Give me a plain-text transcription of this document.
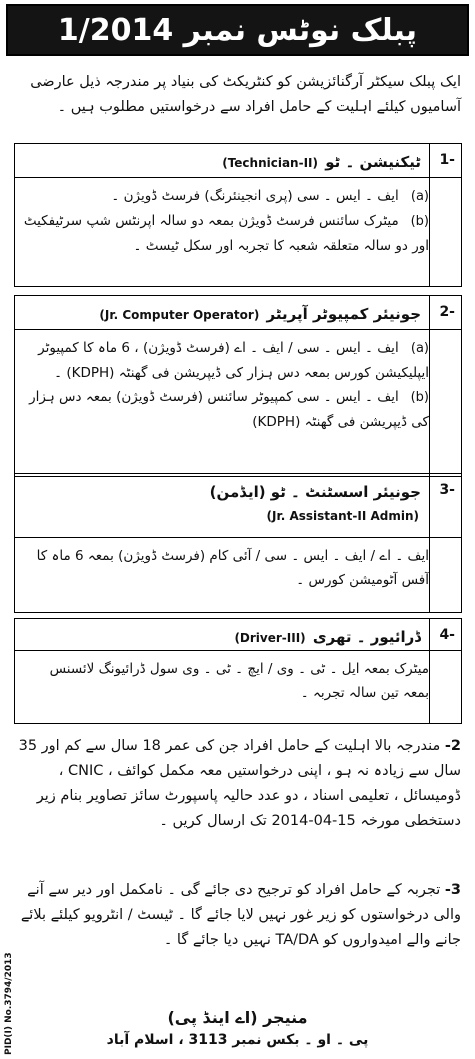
پبلک نوٹس نمبر 1/2014
ایک پبلک سیکٹر آرگنائزیشن کو کنٹریکٹ کی بنیاد پر مندرجہ ذیل عارضی آسامیوں کیلئے اہلیت کے حامل افراد سے درخواستیں مطلوب ہیں ۔
1-
ٹیکنیشن ۔ ٹو (Technician-II)
(a) ایف ۔ ایس ۔ سی (پری انجینئرنگ) فرسٹ ڈویژن ۔
(b) میٹرک سائنس فرسٹ ڈویژن بمعہ دو سالہ اپرنٹس شپ سرٹیفکیٹ اور دو سالہ متعلقہ شعبہ کا تجربہ اور سکل ٹیسٹ ۔
2-
جونیئر کمپیوٹر آپریٹر (Jr. Computer Operator)
(a) ایف ۔ ایس ۔ سی / ایف ۔ اے (فرسٹ ڈویژن) ، 6 ماہ کا کمپیوٹر ایپلیکیشن کورس بمعہ دس ہزار کی ڈیپریشن فی گھنٹہ (KDPH) ۔
(b) ایف ۔ ایس ۔ سی کمپیوٹر سائنس (فرسٹ ڈویژن) بمعہ دس ہزار کی ڈیپریشن فی گھنٹہ (KDPH)
3-
جونیئر اسسٹنٹ ۔ ٹو (ایڈمن)
(Jr. Assistant-II Admin)
ایف ۔ اے / ایف ۔ ایس ۔ سی / آئی کام (فرسٹ ڈویژن) بمعہ 6 ماہ کا آفس آٹومیشن کورس ۔
4-
ڈرائیور ۔ تھری (Driver-III)
میٹرک بمعہ ایل ۔ ٹی ۔ وی / ایچ ۔ ٹی ۔ وی سول ڈرائیونگ لائسنس بمعہ تین سالہ تجربہ ۔
2- مندرجہ بالا اہلیت کے حامل افراد جن کی عمر 18 سال سے کم اور 35 سال سے زیادہ نہ ہو ، اپنی درخواستیں معہ مکمل کوائف ، CNIC ، ڈومیسائل ، تعلیمی اسناد ، دو عدد حالیہ پاسپورٹ سائز تصاویر بنام زیر دستخطی مورخہ 15-04-2014 تک ارسال کریں ۔
3- تجربہ کے حامل افراد کو ترجیح دی جائے گی ۔ نامکمل اور دیر سے آنے والی درخواستوں کو زیر غور نہیں لایا جائے گا ۔ ٹیسٹ / انٹرویو کیلئے بلائے جانے والے امیدواروں کو TA/DA نہیں دیا جائے گا ۔
منیجر (اے اینڈ پی)
پی ۔ او ۔ بکس نمبر 3113 ، اسلام آباد
PID(I) No.3794/2013
